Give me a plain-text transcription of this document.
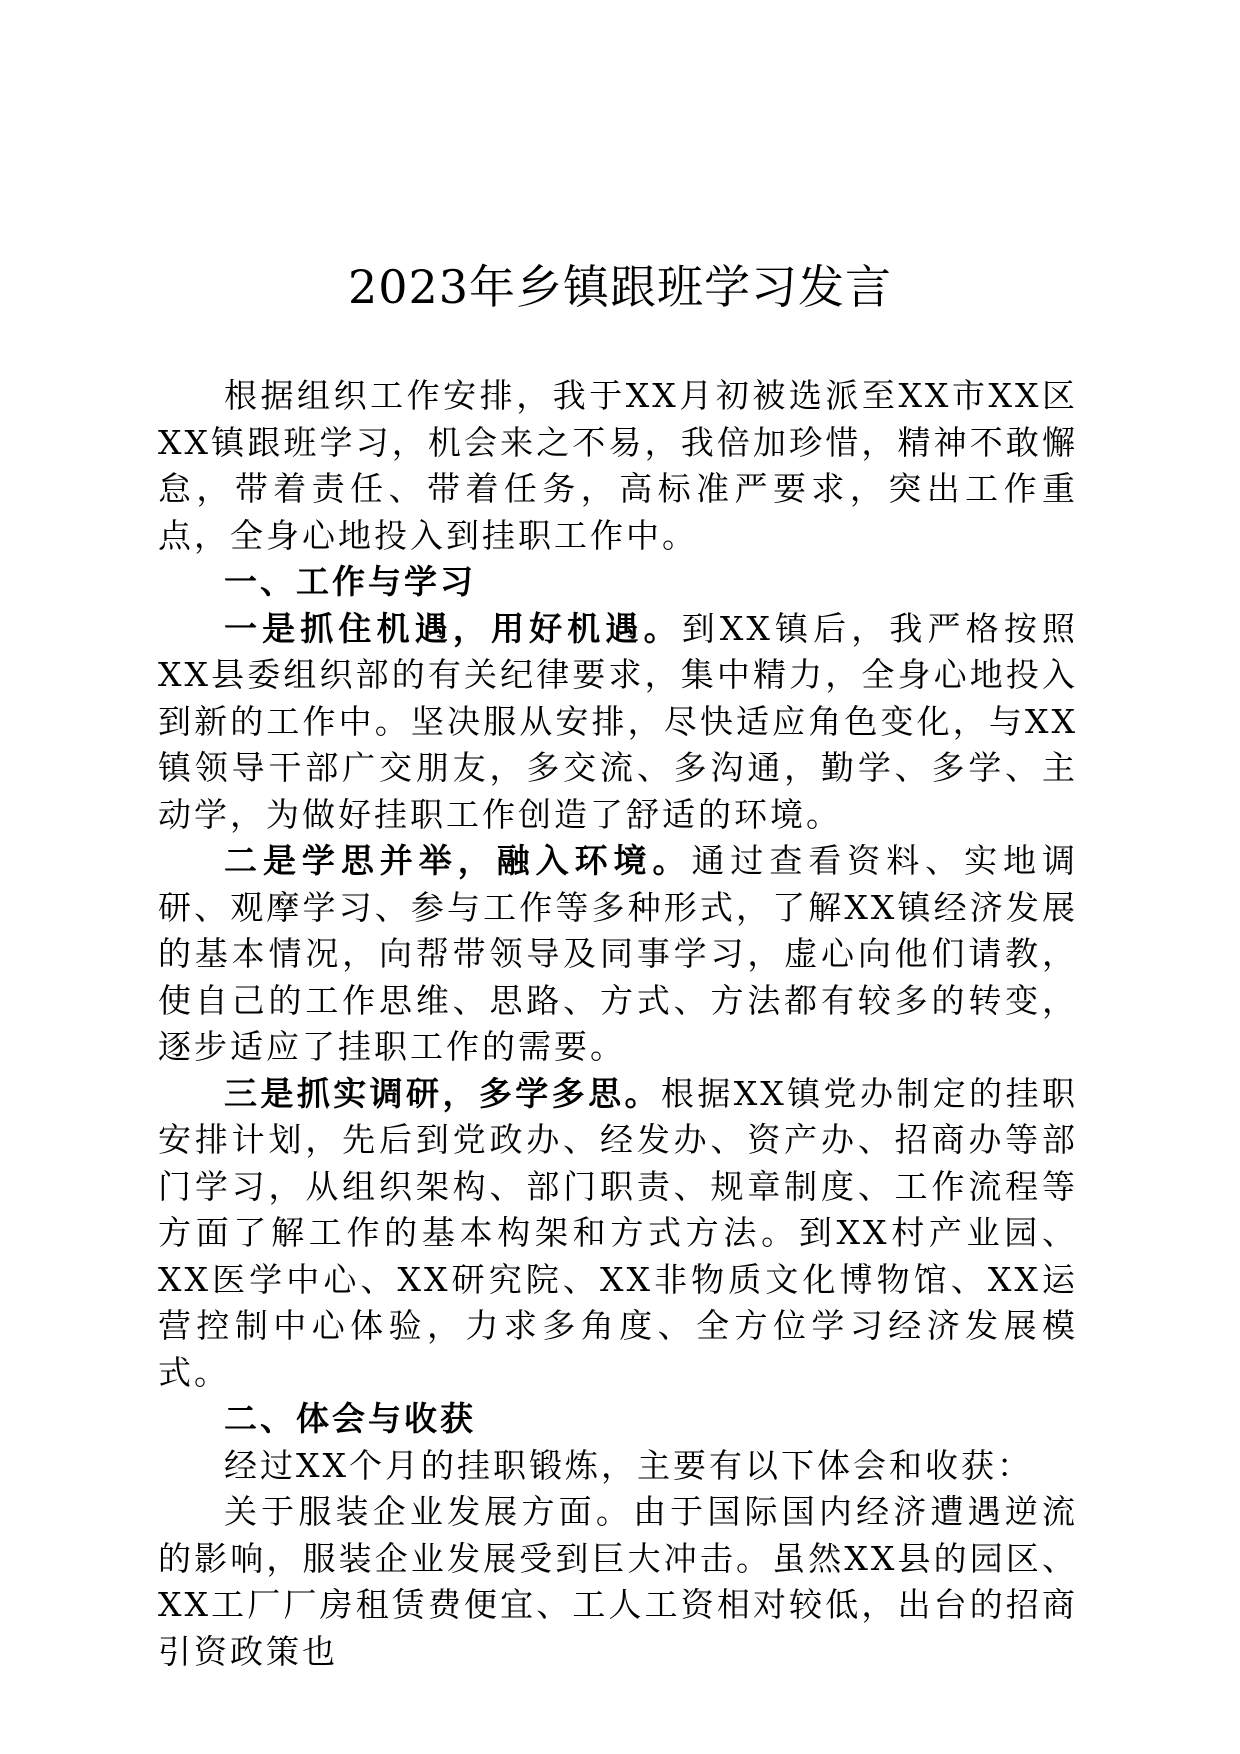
2023年乡镇跟班学习发言

根据组织工作安排，我于XX月初被选派至XX市XX区XX镇跟班学习，机会来之不易，我倍加珍惜，精神不敢懈怠，带着责任、带着任务，高标准严要求，突出工作重点，全身心地投入到挂职工作中。

一、工作与学习

一是抓住机遇，用好机遇。到XX镇后，我严格按照XX县委组织部的有关纪律要求，集中精力，全身心地投入到新的工作中。坚决服从安排，尽快适应角色变化，与XX镇领导干部广交朋友，多交流、多沟通，勤学、多学、主动学，为做好挂职工作创造了舒适的环境。

二是学思并举，融入环境。通过查看资料、实地调研、观摩学习、参与工作等多种形式，了解XX镇经济发展的基本情况，向帮带领导及同事学习，虚心向他们请教，使自己的工作思维、思路、方式、方法都有较多的转变，逐步适应了挂职工作的需要。

三是抓实调研，多学多思。根据XX镇党办制定的挂职安排计划，先后到党政办、经发办、资产办、招商办等部门学习，从组织架构、部门职责、规章制度、工作流程等方面了解工作的基本构架和方式方法。到XX村产业园、XX医学中心、XX研究院、XX非物质文化博物馆、XX运营控制中心体验，力求多角度、全方位学习经济发展模式。

二、体会与收获

经过XX个月的挂职锻炼，主要有以下体会和收获：

关于服装企业发展方面。由于国际国内经济遭遇逆流的影响，服装企业发展受到巨大冲击。虽然XX县的园区、XX工厂厂房租赁费便宜、工人工资相对较低，出台的招商引资政策也
